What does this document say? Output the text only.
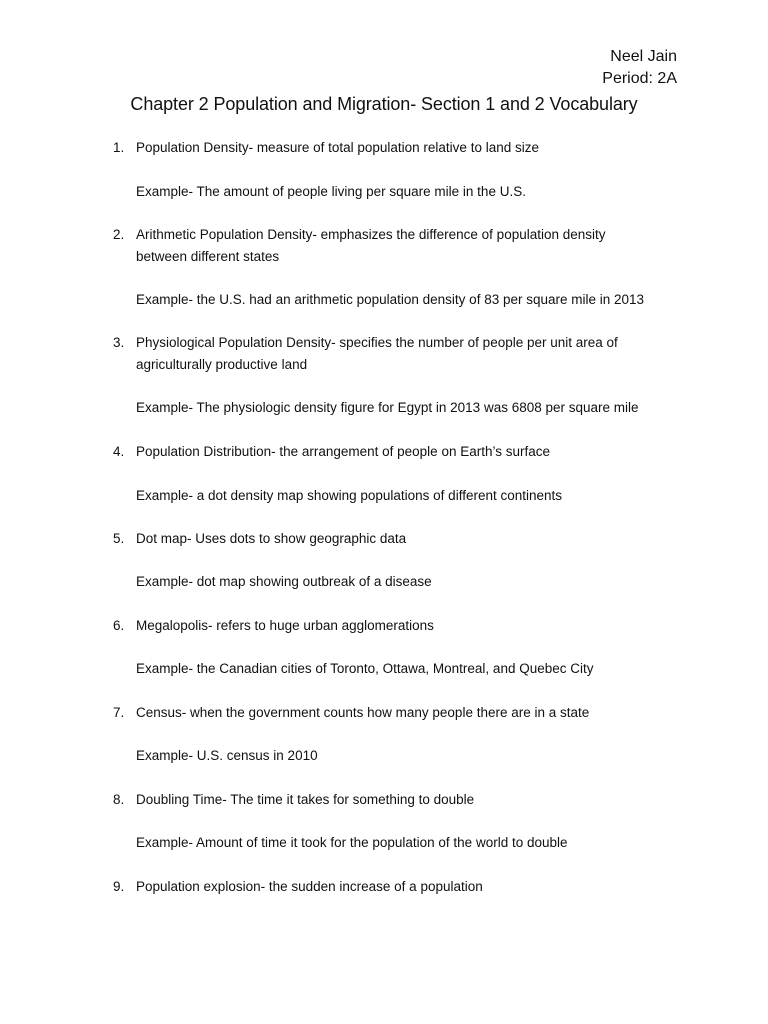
Neel Jain
Period: 2A
Chapter 2 Population and Migration- Section 1 and 2 Vocabulary
1. Population Density- measure of total population relative to land size
Example- The amount of people living per square mile in the U.S.
2. Arithmetic Population Density- emphasizes the difference of population density between different states
Example- the U.S. had an arithmetic population density of 83 per square mile in 2013
3. Physiological Population Density- specifies the number of people per unit area of agriculturally productive land
Example- The physiologic density figure for Egypt in 2013 was 6808 per square mile
4. Population Distribution- the arrangement of people on Earth’s surface
Example- a dot density map showing populations of different continents
5. Dot map- Uses dots to show geographic data
Example- dot map showing outbreak of a disease
6. Megalopolis- refers to huge urban agglomerations
Example- the Canadian cities of Toronto, Ottawa, Montreal, and Quebec City
7. Census- when the government counts how many people there are in a state
Example- U.S. census in 2010
8. Doubling Time- The time it takes for something to double
Example- Amount of time it took for the population of the world to double
9. Population explosion- the sudden increase of a population
